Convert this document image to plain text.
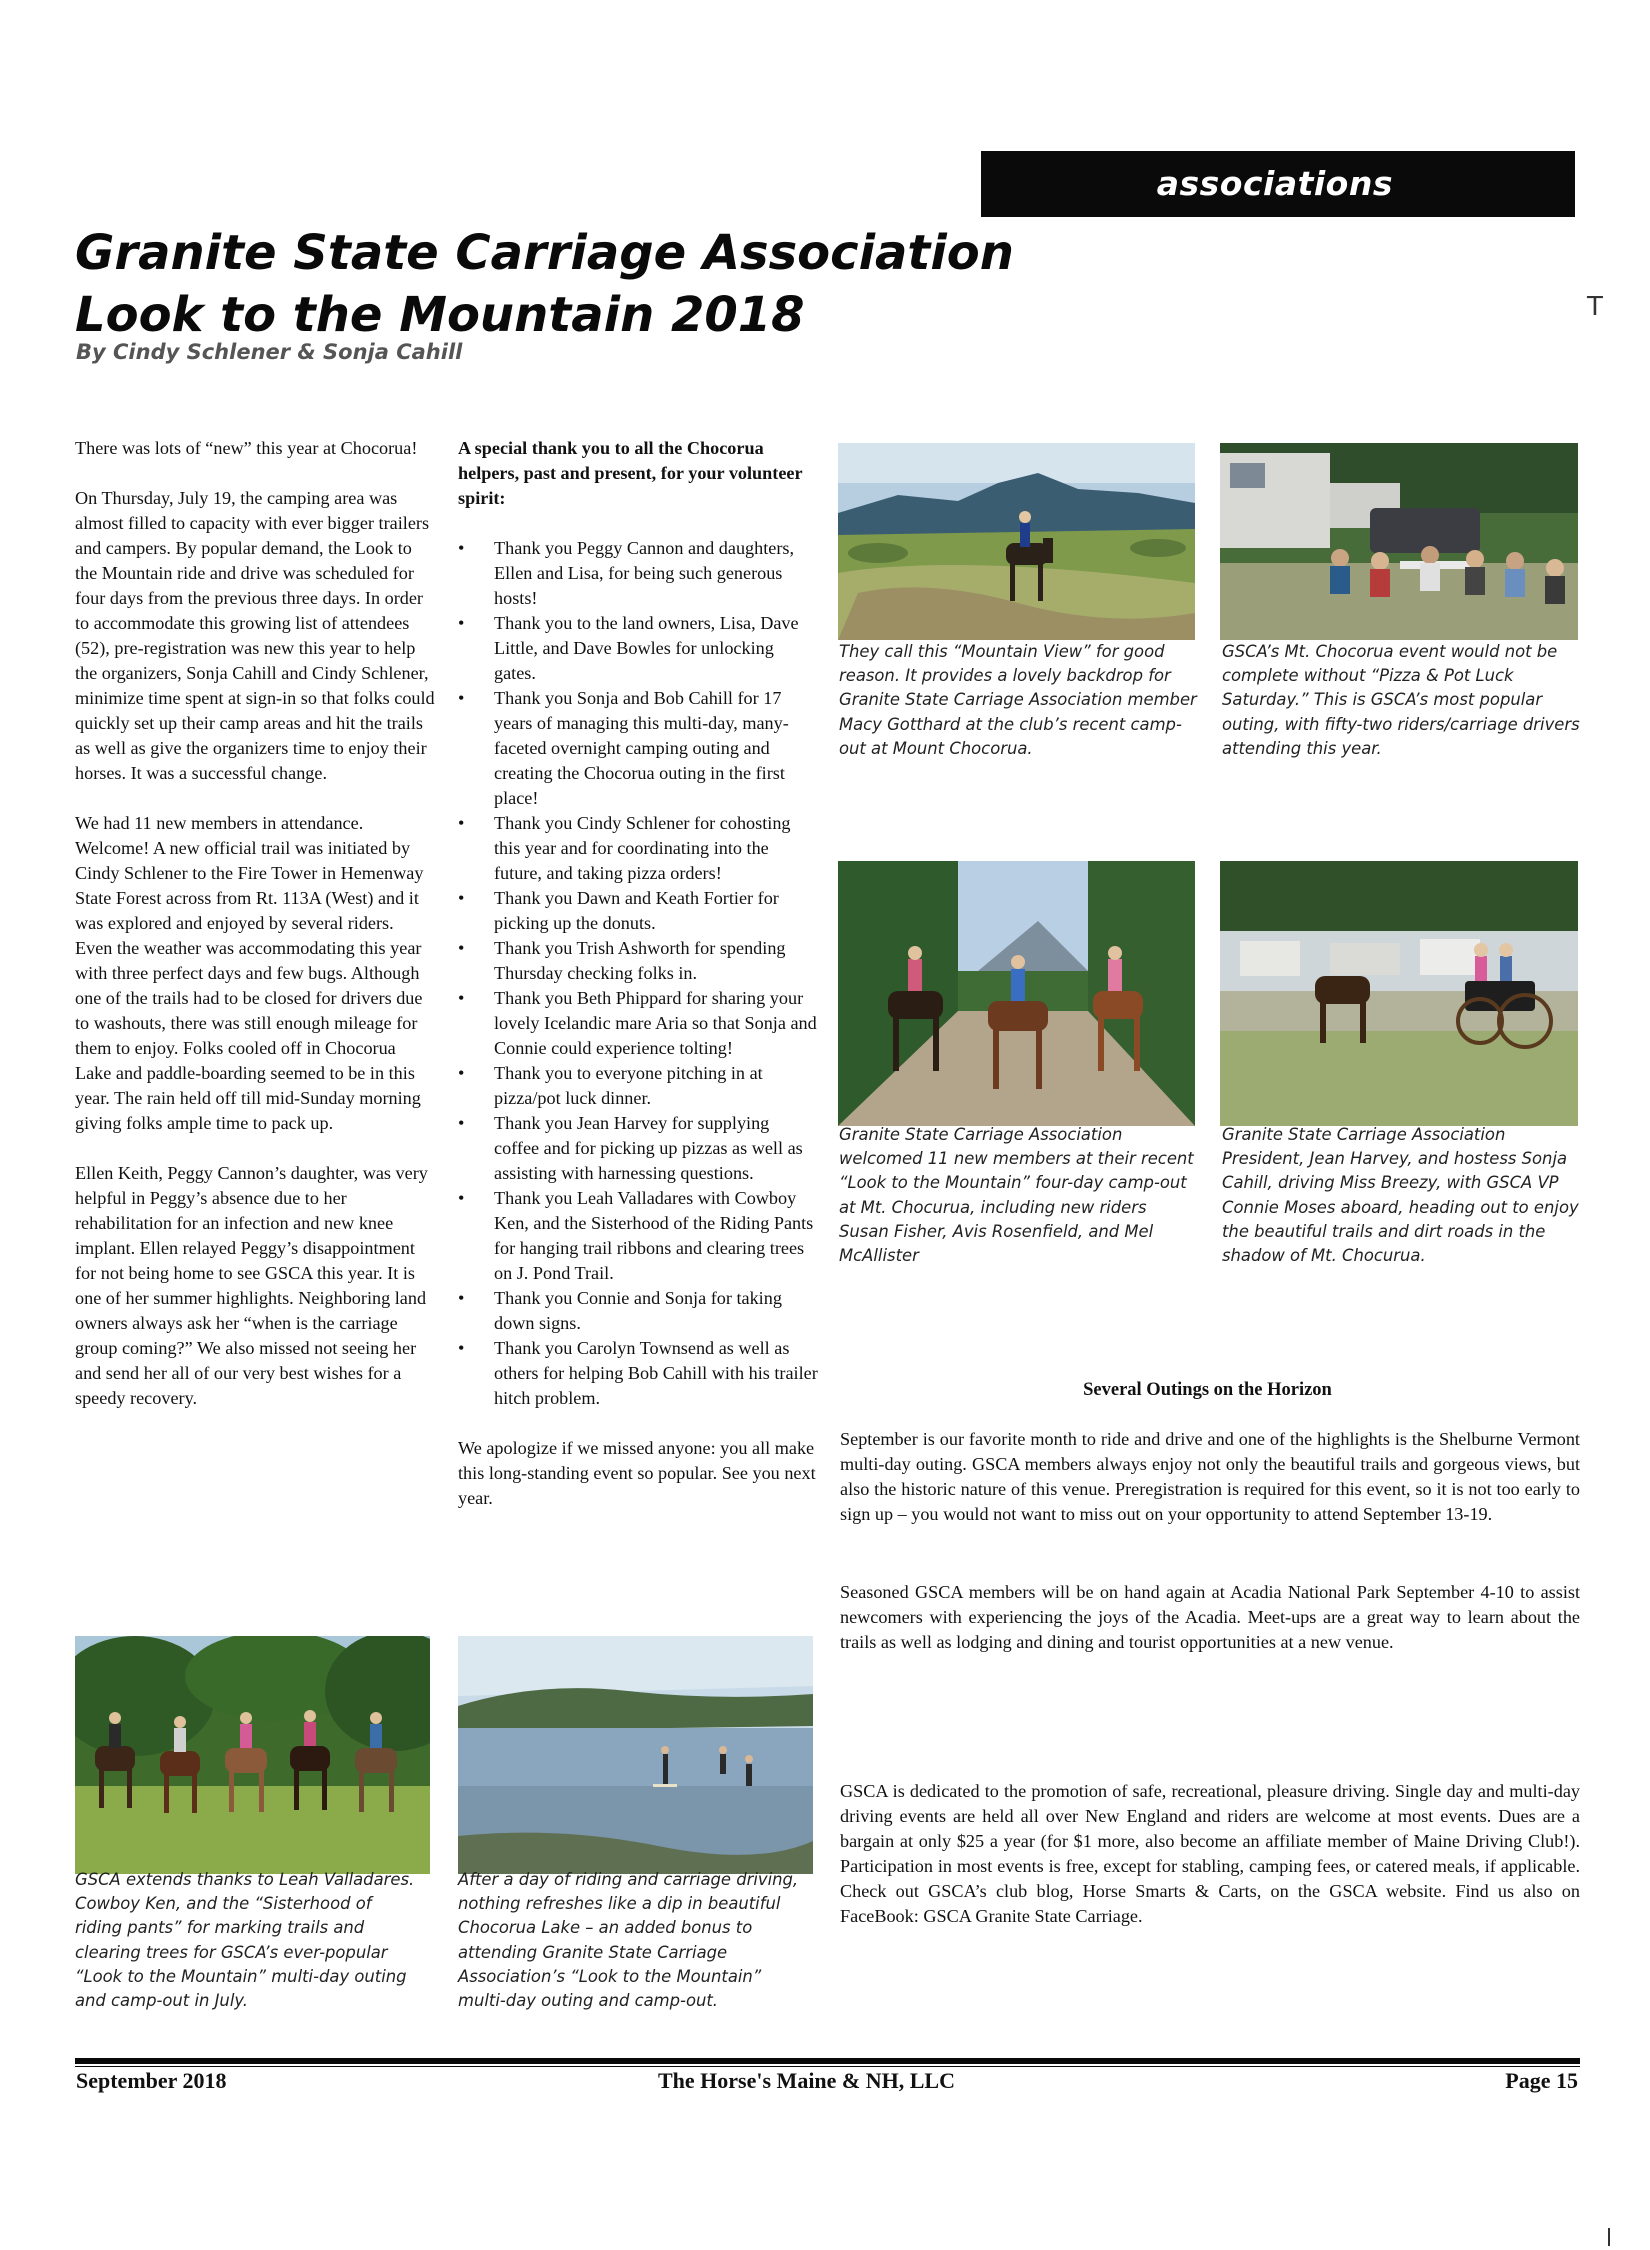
associations
T
Granite State Carriage Association
Look to the Mountain 2018
By Cindy Schlener & Sonja Cahill

There was lots of “new” this year at Chocorua!

On Thursday, July 19, the camping area was almost filled to capacity with ever bigger trailers and campers. By popular demand, the Look to the Mountain ride and drive was scheduled for four days from the previous three days. In order to accommodate this growing list of attendees (52), pre-registration was new this year to help the organizers, Sonja Cahill and Cindy Schlener, minimize time spent at sign-in so that folks could quickly set up their camp areas and hit the trails as well as give the organizers time to enjoy their horses. It was a successful change.

We had 11 new members in attendance. Welcome! A new official trail was initiated by Cindy Schlener to the Fire Tower in Hemenway State Forest across from Rt. 113A (West) and it was explored and enjoyed by several riders. Even the weather was accommodating this year with three perfect days and few bugs. Although one of the trails had to be closed for drivers due to washouts, there was still enough mileage for them to enjoy. Folks cooled off in Chocorua Lake and paddle-boarding seemed to be in this year. The rain held off till mid-Sunday morning giving folks ample time to pack up.

Ellen Keith, Peggy Cannon’s daughter, was very helpful in Peggy’s absence due to her rehabilitation for an infection and new knee implant. Ellen relayed Peggy’s disappointment for not being home to see GSCA this year. It is one of her summer highlights. Neighboring land owners always ask her “when is the carriage group coming?” We also missed not seeing her and send her all of our very best wishes for a speedy recovery.

A special thank you to all the Chocorua helpers, past and present, for your volunteer spirit:

• Thank you Peggy Cannon and daughters, Ellen and Lisa, for being such generous hosts!
• Thank you to the land owners, Lisa, Dave Little, and Dave Bowles for unlocking gates.
• Thank you Sonja and Bob Cahill for 17 years of managing this multi-day, many-faceted overnight camping outing and creating the Chocorua outing in the first place!
• Thank you Cindy Schlener for cohosting this year and for coordinating into the future, and taking pizza orders!
• Thank you Dawn and Keath Fortier for picking up the donuts.
• Thank you Trish Ashworth for spending Thursday checking folks in.
• Thank you Beth Phippard for sharing your lovely Icelandic mare Aria so that Sonja and Connie could experience tolting!
• Thank you to everyone pitching in at pizza/pot luck dinner.
• Thank you Jean Harvey for supplying coffee and for picking up pizzas as well as assisting with harnessing questions.
• Thank you Leah Valladares with Cowboy Ken, and the Sisterhood of the Riding Pants for hanging trail ribbons and clearing trees on J. Pond Trail.
• Thank you Connie and Sonja for taking down signs.
• Thank you Carolyn Townsend as well as others for helping Bob Cahill with his trailer hitch problem.

We apologize if we missed anyone: you all make this long-standing event so popular. See you next year.

They call this “Mountain View” for good reason. It provides a lovely backdrop for Granite State Carriage Association member Macy Gotthard at the club’s recent camp-out at Mount Chocorua.
GSCA’s Mt. Chocorua event would not be complete without “Pizza & Pot Luck Saturday.” This is GSCA’s most popular outing, with fifty-two riders/carriage drivers attending this year.
Granite State Carriage Association welcomed 11 new members at their recent “Look to the Mountain” four-day camp-out at Mt. Chocurua, including new riders Susan Fisher, Avis Rosenfield, and Mel McAllister
Granite State Carriage Association President, Jean Harvey, and hostess Sonja Cahill, driving Miss Breezy, with GSCA VP Connie Moses aboard, heading out to enjoy the beautiful trails and dirt roads in the shadow of Mt. Chocurua.
GSCA extends thanks to Leah Valladares. Cowboy Ken, and the “Sisterhood of riding pants” for marking trails and clearing trees for GSCA’s ever-popular “Look to the Mountain” multi-day outing and camp-out in July.
After a day of riding and carriage driving, nothing refreshes like a dip in beautiful Chocorua Lake – an added bonus to attending Granite State Carriage Association’s “Look to the Mountain” multi-day outing and camp-out.
Several Outings on the Horizon
September is our favorite month to ride and drive and one of the highlights is the Shelburne Vermont multi-day outing. GSCA members always enjoy not only the beautiful trails and gorgeous views, but also the historic nature of this venue. Preregistration is required for this event, so it is not too early to sign up – you would not want to miss out on your opportunity to attend September 13-19.
Seasoned GSCA members will be on hand again at Acadia National Park September 4-10 to assist newcomers with experiencing the joys of the Acadia. Meet-ups are a great way to learn about the trails as well as lodging and dining and tourist opportunities at a new venue.
GSCA is dedicated to the promotion of safe, recreational, pleasure driving. Single day and multi-day driving events are held all over New England and riders are welcome at most events. Dues are a bargain at only $25 a year (for $1 more, also become an affiliate member of Maine Driving Club!). Participation in most events is free, except for stabling, camping fees, or catered meals, if applicable. Check out GSCA’s club blog, Horse Smarts & Carts, on the GSCA website. Find us also on FaceBook: GSCA Granite State Carriage.
September 2018	The Horse's Maine & NH, LLC	Page 15
